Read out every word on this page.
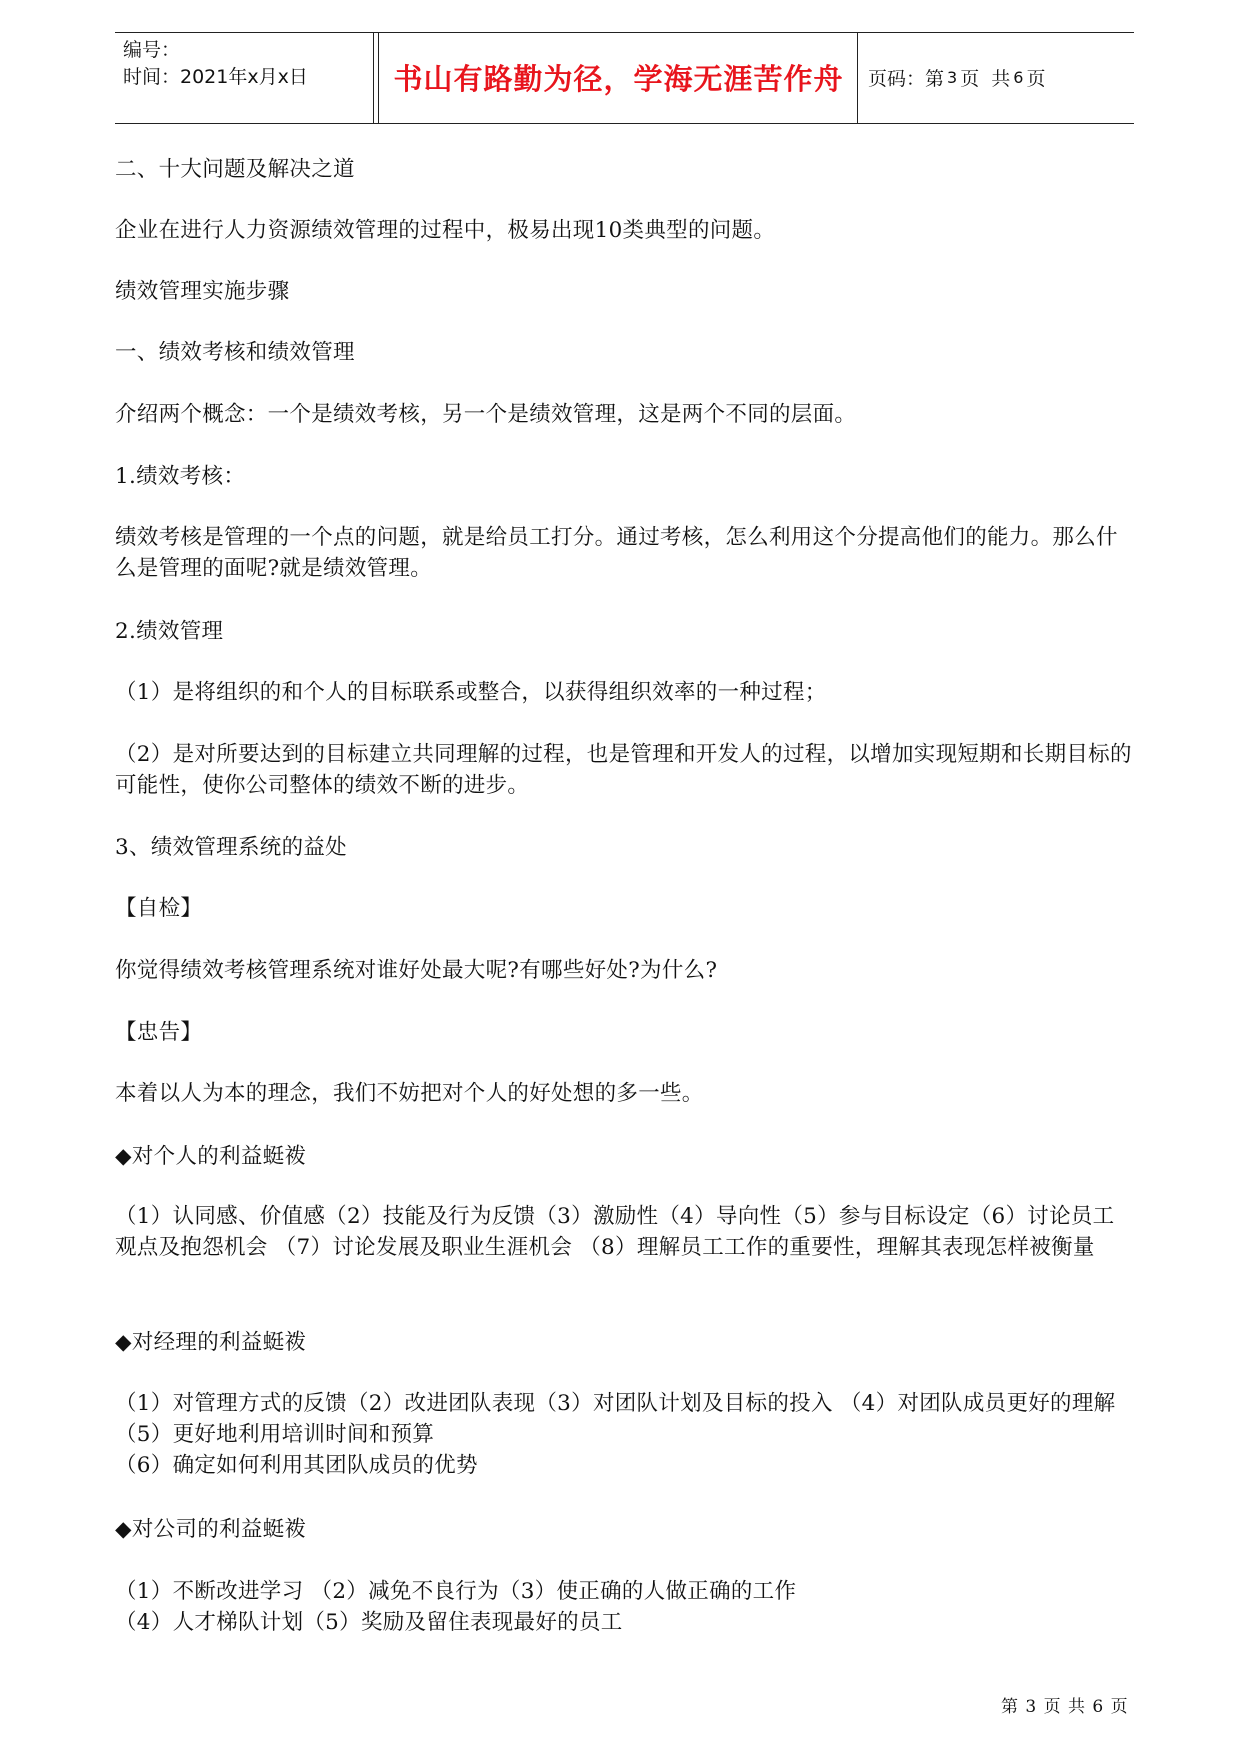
编号：
时间：2021年x月x日	书山有路勤为径，学海无涯苦作舟	页码：第 3 页  共 6 页
二、十大问题及解决之道
企业在进行人力资源绩效管理的过程中，极易出现10类典型的问题。
绩效管理实施步骤
一、绩效考核和绩效管理
介绍两个概念：一个是绩效考核，另一个是绩效管理，这是两个不同的层面。
1.绩效考核：
绩效考核是管理的一个点的问题，就是给员工打分。通过考核，怎么利用这个分提高他们的能力。那么什么是管理的面呢?就是绩效管理。
2.绩效管理
（1）是将组织的和个人的目标联系或整合，以获得组织效率的一种过程；
（2）是对所要达到的目标建立共同理解的过程，也是管理和开发人的过程，以增加实现短期和长期目标的可能性，使你公司整体的绩效不断的进步。
3、绩效管理系统的益处
【自检】
你觉得绩效考核管理系统对谁好处最大呢?有哪些好处?为什么?
【忠告】
本着以人为本的理念，我们不妨把对个人的好处想的多一些。
◆对个人的利益蜓袯
（1）认同感、价值感（2）技能及行为反馈（3）激励性（4）导向性（5）参与目标设定（6）讨论员工观点及抱怨机会 （7）讨论发展及职业生涯机会 （8）理解员工工作的重要性，理解其表现怎样被衡量
◆对经理的利益蜓袯
（1）对管理方式的反馈（2）改进团队表现（3）对团队计划及目标的投入 （4）对团队成员更好的理解 （5）更好地利用培训时间和预算
（6）确定如何利用其团队成员的优势
◆对公司的利益蜓袯
（1）不断改进学习 （2）减免不良行为（3）使正确的人做正确的工作
（4）人才梯队计划（5）奖励及留住表现最好的员工
第 3 页 共 6 页
